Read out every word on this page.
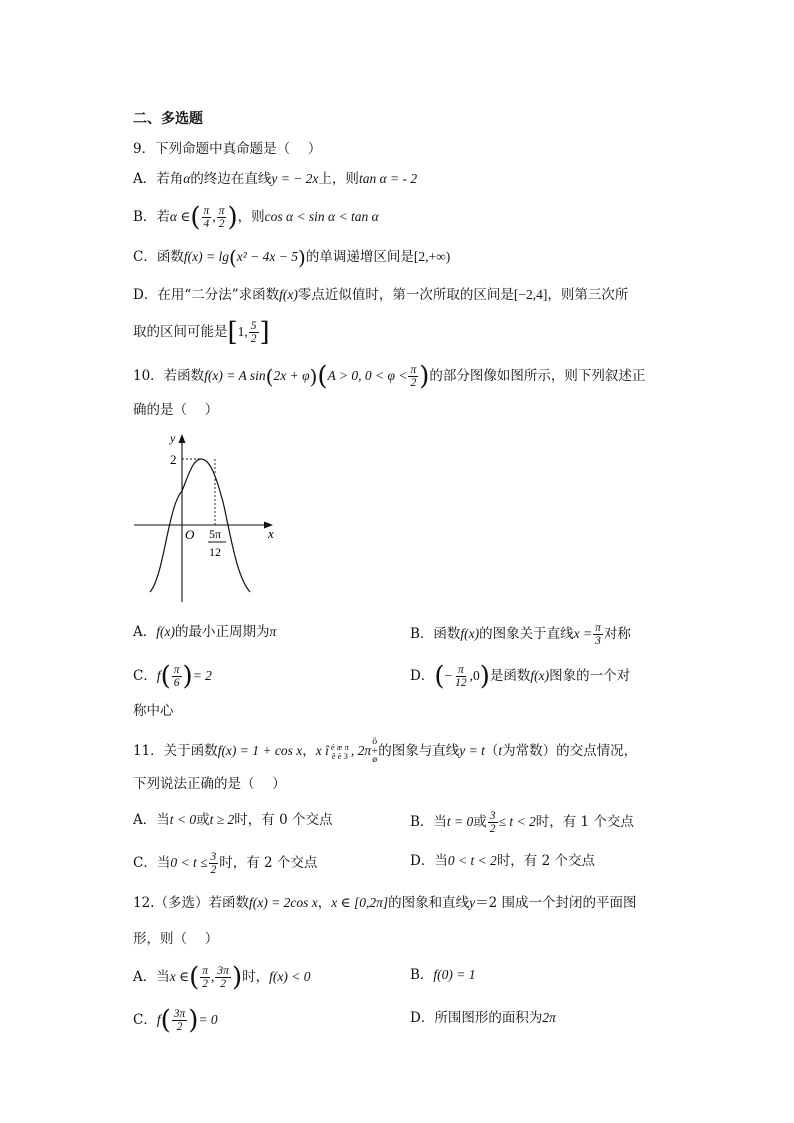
二、多选题
9．下列命题中真命题是（　 ）
A．若角α的终边在直线y = − 2x上，则tan α = - 2
B．若α ∈( $\frac{\pi}{4}$ , $\frac{\pi}{2}$ )，则cos α < sin α < tan α
C．函数f(x) = lg(x² − 4x − 5)的单调递增区间是[2,+∞)
D．在用“二分法”求函数f(x)零点近似值时，第一次所取的区间是[−2,4]，则第三次所
取的区间可能是[1, $\frac{5}{2}$ ]
10．若函数f(x) = A sin(2x + φ)(A > 0, $0 < \varphi < \frac{\pi}{2}$ )的部分图像如图所示，则下列叙述正
确的是（　 ）
y
x
O
2
5π
12
A．f(x)的最小正周期为π	B．函数f(x)的图象关于直线$x = \frac{\pi}{3}$ 对称
C．$f( \frac{\pi}{6}$ )= 2	D．(− $\frac{\pi}{12} ,0$)是函数f(x)图象的一个对
称中心
11．关于函数f(x) = 1 + cos x，x î é æ π
ê è 3 , 2π
ö
÷
ø
的图象与直线y = t（t为常数）的交点情况，
下列说法正确的是（　 ）
A．当t < 0或t ≥ 2时，有 0 个交点	B．当t = 0或 $\frac{3}{2} \le t < 2$时，有 1 个交点
C．当$0 < t \le \frac{3}{2}$ 时，有 2 个交点	D．当0 < t < 2时，有 2 个交点
12.（多选）若函数f(x) = 2cos x，x ∈ [0,2π]的图象和直线y＝2 围成一个封闭的平面图
形，则（　 ）
A．当x ∈( $\frac{\pi}{2}$ , $\frac{3\pi}{2}$ )时，f(x) < 0	B．f(0) = 1
C．$f( \frac{3\pi}{2}$ )= 0	D．所围图形的面积为2π
